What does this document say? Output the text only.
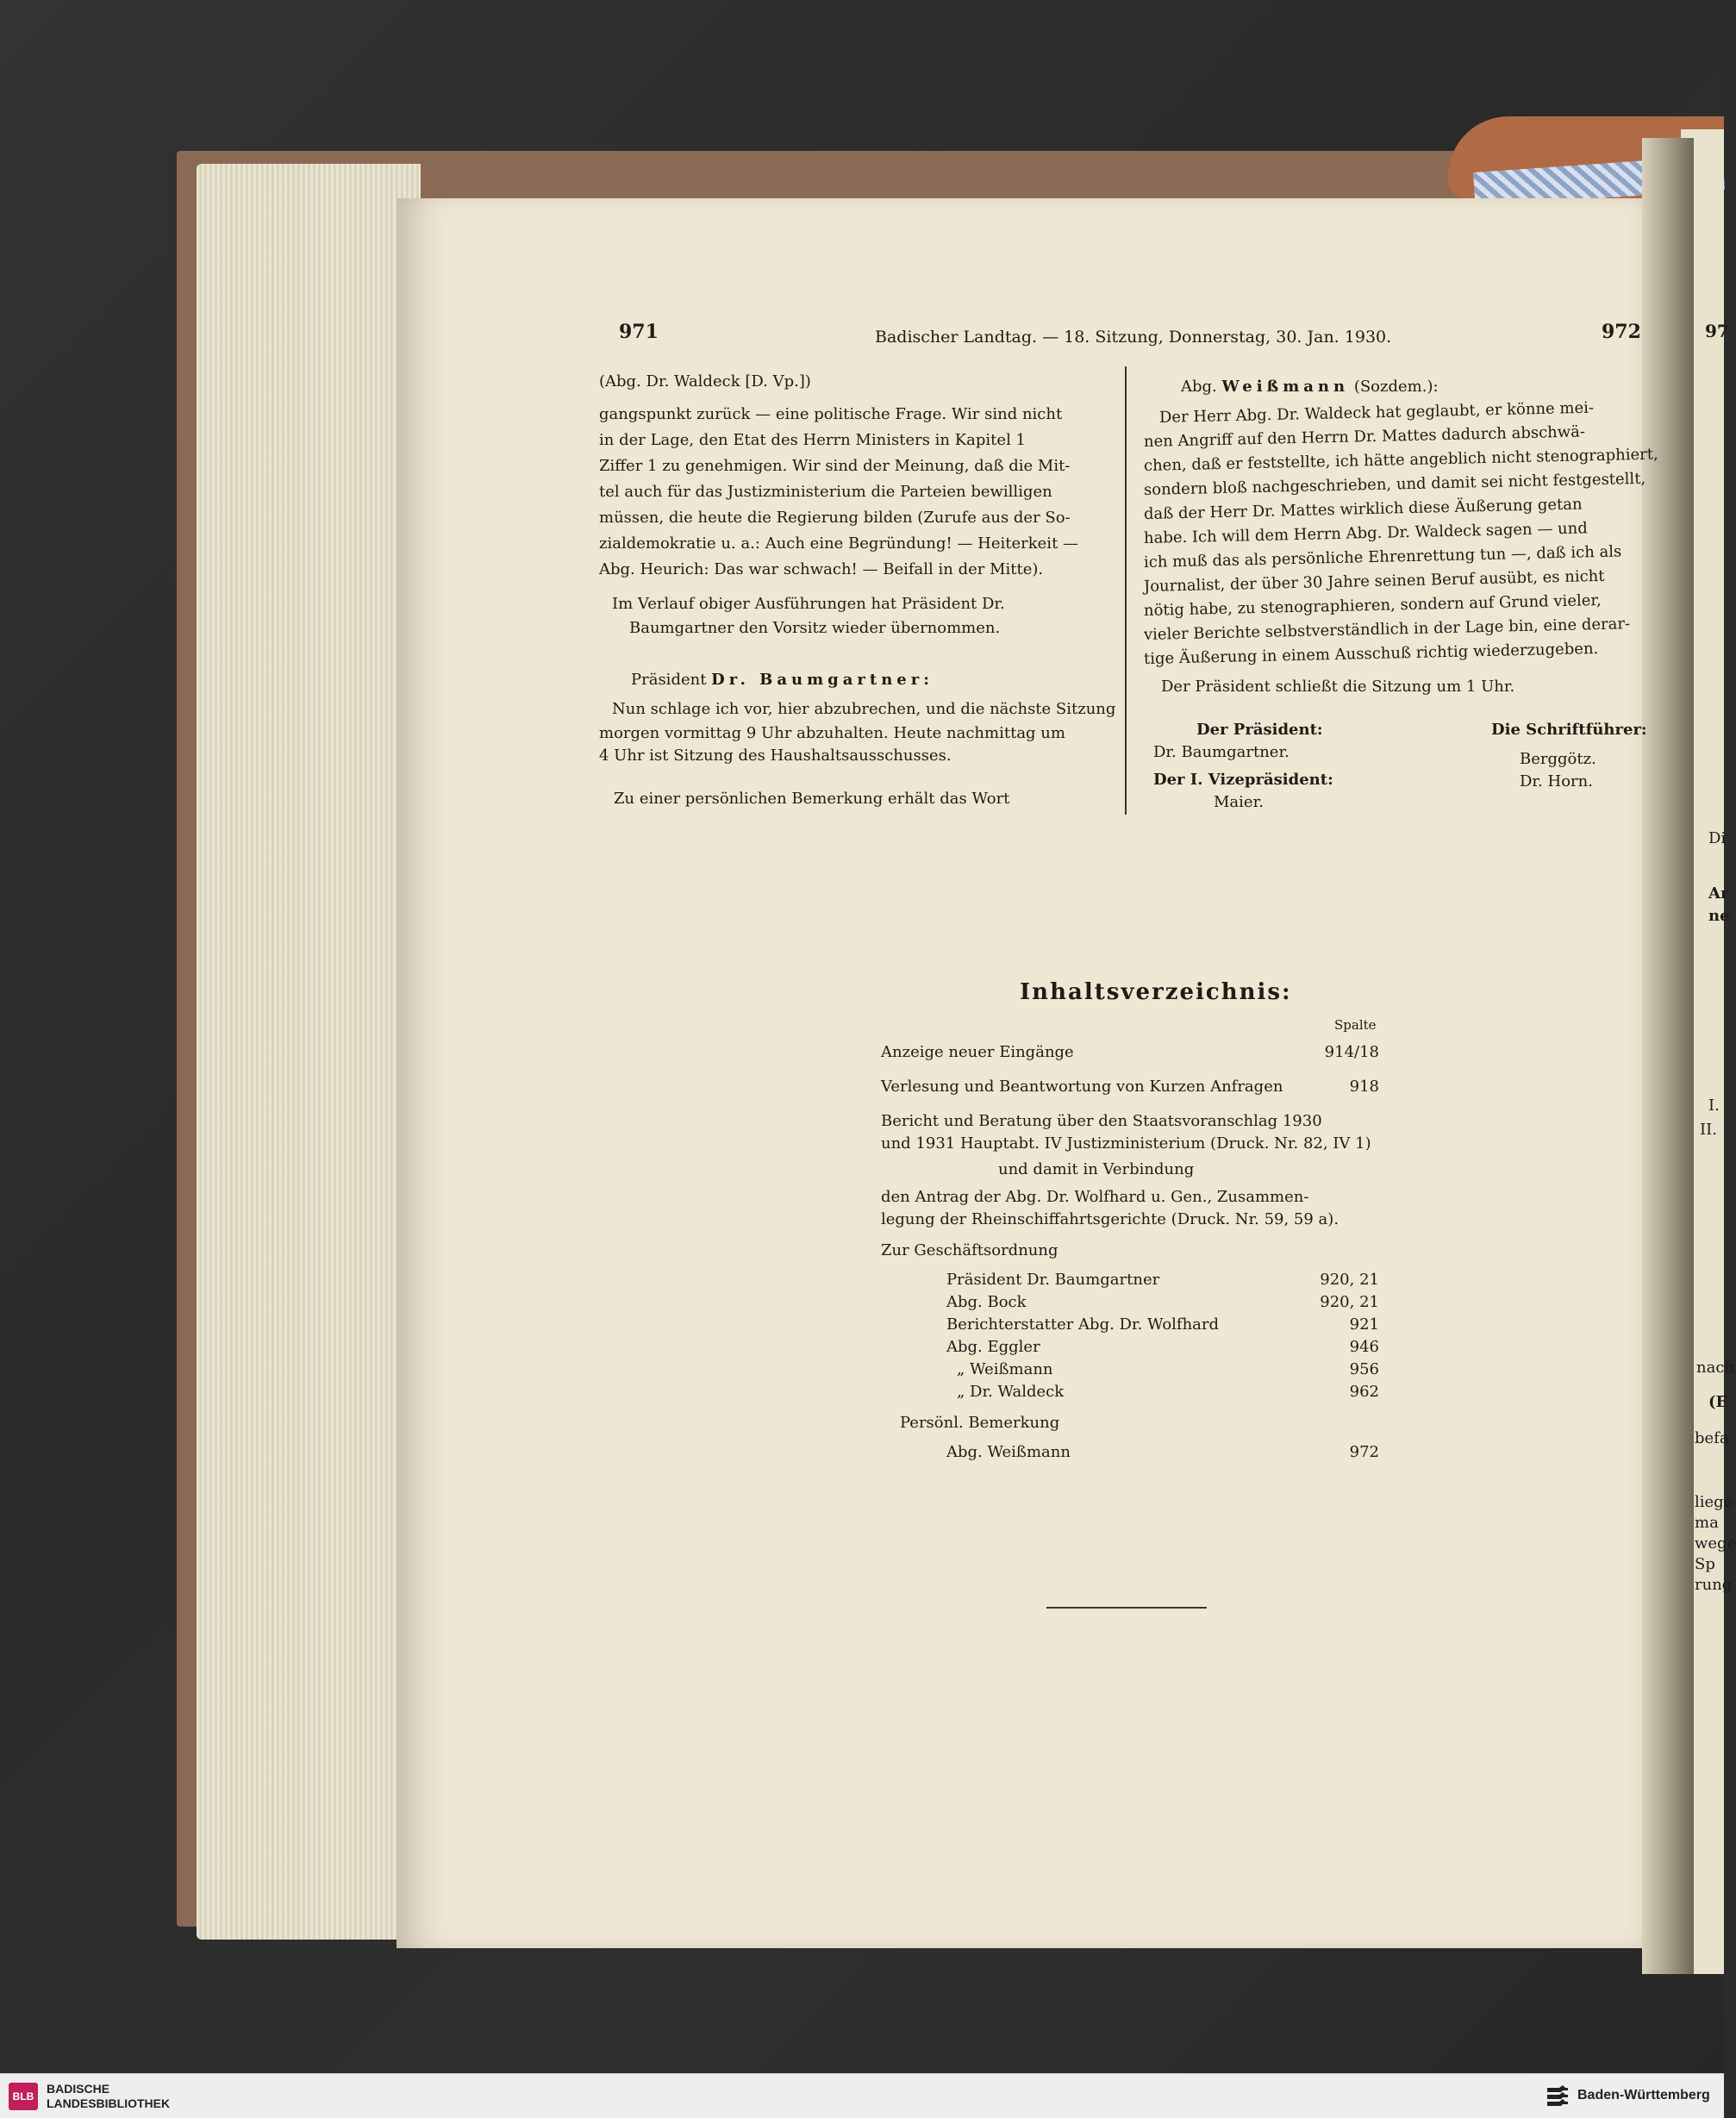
971	Badischer Landtag. — 18. Sitzung, Donnerstag, 30. Jan. 1930.	972
(Abg. Dr. Waldeck [D. Vp.])
gangspunkt zurück — eine politische Frage. Wir sind nicht
in der Lage, den Etat des Herrn Ministers in Kapitel 1
Ziffer 1 zu genehmigen. Wir sind der Meinung, daß die Mit-
tel auch für das Justizministerium die Parteien bewilligen
müssen, die heute die Regierung bilden (Zurufe aus der So-
zialdemokratie u. a.: Auch eine Begründung! — Heiterkeit —
Abg. Heurich: Das war schwach! — Beifall in der Mitte).
Im Verlauf obiger Ausführungen hat Präsident Dr.
Baumgartner den Vorsitz wieder übernommen.
Präsident Dr. Baumgartner:
Nun schlage ich vor, hier abzubrechen, und die nächste Sitzung
morgen vormittag 9 Uhr abzuhalten. Heute nachmittag um
4 Uhr ist Sitzung des Haushaltsausschusses.
Zu einer persönlichen Bemerkung erhält das Wort
Abg. Weißmann (Sozdem.):
Der Herr Abg. Dr. Waldeck hat geglaubt, er könne mei-
nen Angriff auf den Herrn Dr. Mattes dadurch abschwä-
chen, daß er feststellte, ich hätte angeblich nicht stenographiert,
sondern bloß nachgeschrieben, und damit sei nicht festgestellt,
daß der Herr Dr. Mattes wirklich diese Äußerung getan
habe. Ich will dem Herrn Abg. Dr. Waldeck sagen — und
ich muß das als persönliche Ehrenrettung tun —, daß ich als
Journalist, der über 30 Jahre seinen Beruf ausübt, es nicht
nötig habe, zu stenographieren, sondern auf Grund vieler,
vieler Berichte selbstverständlich in der Lage bin, eine derar-
tige Äußerung in einem Ausschuß richtig wiederzugeben.
Der Präsident schließt die Sitzung um 1 Uhr.
Der Präsident:
Dr. Baumgartner.
Der I. Vizepräsident:
Maier.
Die Schriftführer:
Berggötz.
Dr. Horn.
Inhaltsverzeichnis:
Spalte
Anzeige neuer Eingänge	914/18
Verlesung und Beantwortung von Kurzen Anfragen	918
Bericht und Beratung über den Staatsvoranschlag 1930
und 1931 Hauptabt. IV Justizministerium (Druck. Nr. 82, IV 1)
und damit in Verbindung
den Antrag der Abg. Dr. Wolfhard u. Gen., Zusammen-
legung der Rheinschiffahrtsgerichte (Druck. Nr. 59, 59 a).
Zur Geschäftsordnung
Präsident Dr. Baumgartner	920, 21
Abg. Bock	920, 21
Berichterstatter Abg. Dr. Wolfhard	921
Abg. Eggler	946
„ Weißmann	956
„ Dr. Waldeck	962
Persönl. Bemerkung
Abg. Weißmann	972
97
Di
Ar
ne
I.
II.
nach
(E
befa
liege
ma
wege
Sp
rung
BLB
BADISCHE
LANDESBIBLIOTHEK
Baden-Württemberg
